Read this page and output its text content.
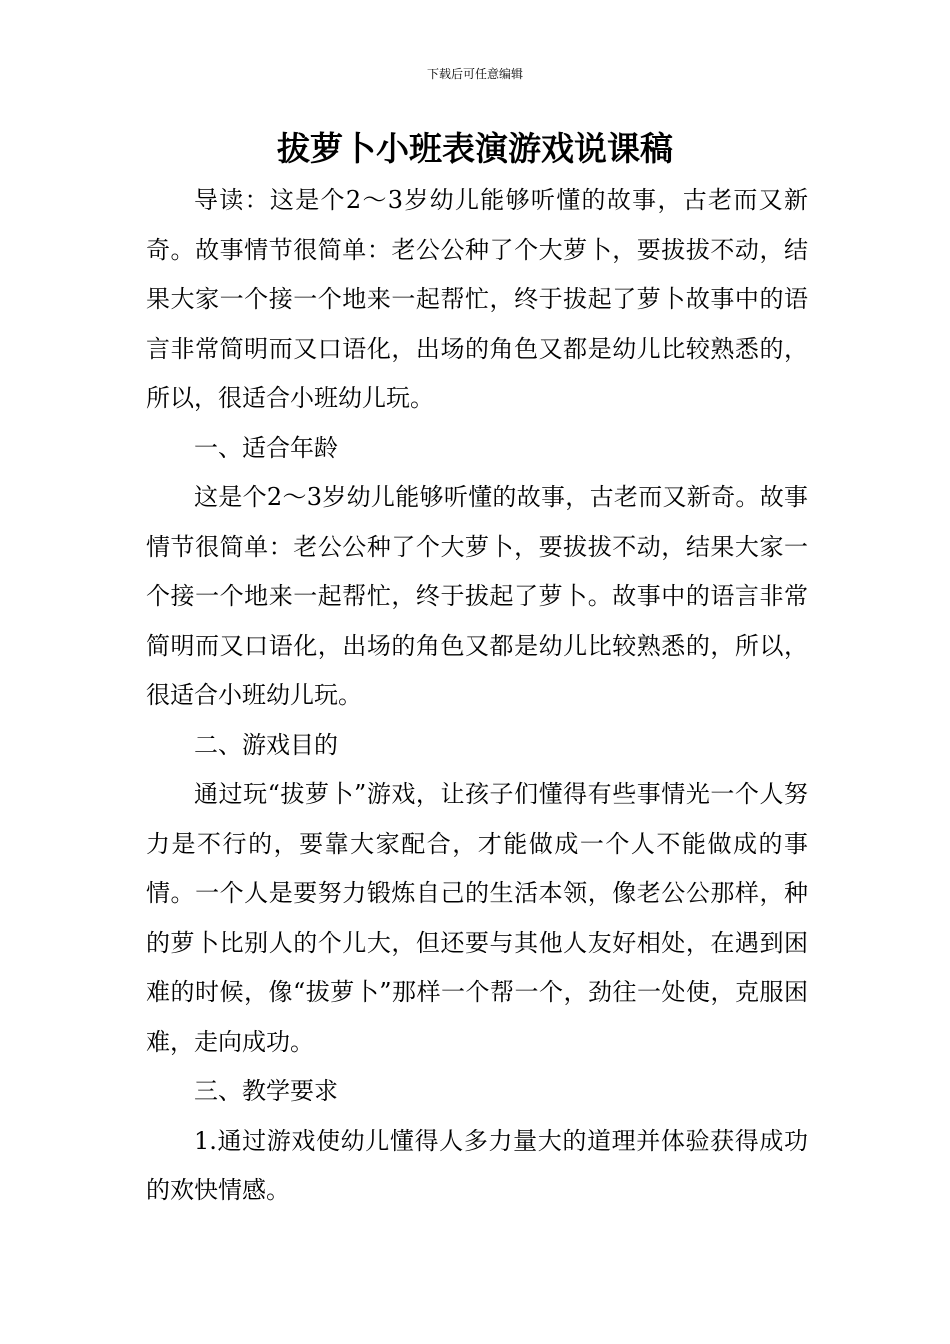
下载后可任意编辑
拔萝卜小班表演游戏说课稿

导读：这是个2～3岁幼儿能够听懂的故事，古老而又新奇。故事情节很简单：老公公种了个大萝卜，要拔拔不动，结果大家一个接一个地来一起帮忙，终于拔起了萝卜故事中的语言非常简明而又口语化，出场的角色又都是幼儿比较熟悉的，所以，很适合小班幼儿玩。

一、适合年龄

这是个2～3岁幼儿能够听懂的故事，古老而又新奇。故事情节很简单：老公公种了个大萝卜，要拔拔不动，结果大家一个接一个地来一起帮忙，终于拔起了萝卜。故事中的语言非常简明而又口语化，出场的角色又都是幼儿比较熟悉的，所以，很适合小班幼儿玩。

二、游戏目的

通过玩“拔萝卜”游戏，让孩子们懂得有些事情光一个人努力是不行的，要靠大家配合，才能做成一个人不能做成的事情。一个人是要努力锻炼自己的生活本领，像老公公那样，种的萝卜比别人的个儿大，但还要与其他人友好相处，在遇到困难的时候，像“拔萝卜”那样一个帮一个，劲往一处使，克服困难，走向成功。

三、教学要求

1.通过游戏使幼儿懂得人多力量大的道理并体验获得成功的欢快情感。
